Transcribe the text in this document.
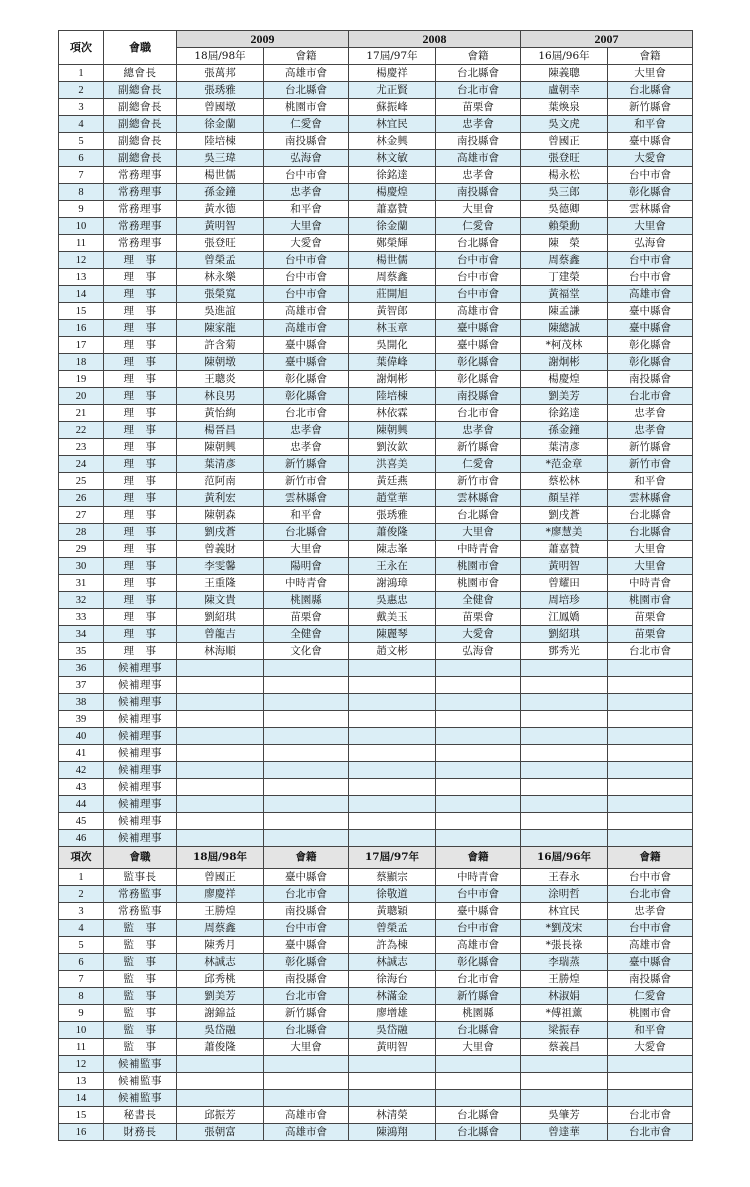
項次	會職	2009		2008		2007	
		18屆/98年	會籍	17屆/97年	會籍	16屆/96年	會籍
1	總會長	張萬邦	高雄市會	楊慶祥	台北縣會	陳義聰	大里會
2	副總會長	張琇雅	台北縣會	尤正賢	台北市會	盧朝幸	台北縣會
3	副總會長	曾國墩	桃園市會	蘇振峰	苗栗會	葉煥泉	新竹縣會
4	副總會長	徐金蘭	仁愛會	林宜民	忠孝會	吳文虎	和平會
5	副總會長	陸培棟	南投縣會	林金興	南投縣會	曾國正	臺中縣會
6	副總會長	吳三瑋	弘海會	林文敏	高雄市會	張登旺	大愛會
7	常務理事	楊世儒	台中市會	徐銘達	忠孝會	楊永松	台中市會
8	常務理事	孫金鐘	忠孝會	楊慶煌	南投縣會	吳三郎	彰化縣會
9	常務理事	黃水德	和平會	蕭嘉贊	大里會	吳德卿	雲林縣會
10	常務理事	黃明智	大里會	徐金蘭	仁愛會	賴榮勳	大里會
11	常務理事	張登旺	大愛會	鄭榮輝	台北縣會	陳　榮	弘海會
12	理　事	曾榮孟	台中市會	楊世儒	台中市會	周蔡鑫	台中市會
13	理　事	林永樂	台中市會	周蔡鑫	台中市會	丁建榮	台中市會
14	理　事	張榮寬	台中市會	莊開旭	台中市會	黃福堂	高雄市會
15	理　事	吳進誼	高雄市會	黃智郎	高雄市會	陳孟謙	臺中縣會
16	理　事	陳家龍	高雄市會	林玉章	臺中縣會	陳總誠	臺中縣會
17	理　事	許含菊	臺中縣會	吳開化	臺中縣會	*柯茂林	彰化縣會
18	理　事	陳朝墩	臺中縣會	葉偉峰	彰化縣會	謝炯彬	彰化縣會
19	理　事	王聰炎	彰化縣會	謝炯彬	彰化縣會	楊慶煌	南投縣會
20	理　事	林良男	彰化縣會	陸培棟	南投縣會	劉美芳	台北市會
21	理　事	黃怡絢	台北市會	林依霖	台北市會	徐銘達	忠孝會
22	理　事	楊晉昌	忠孝會	陳朝興	忠孝會	孫金鐘	忠孝會
23	理　事	陳朝興	忠孝會	劉汝欽	新竹縣會	葉清彥	新竹縣會
24	理　事	葉清彥	新竹縣會	洪喜美	仁愛會	*范金章	新竹市會
25	理　事	范阿南	新竹市會	黃廷燕	新竹市會	蔡松林	和平會
26	理　事	黃利宏	雲林縣會	趙堂華	雲林縣會	顏呈祥	雲林縣會
27	理　事	陳朝森	和平會	張琇雅	台北縣會	劉戌蒼	台北縣會
28	理　事	劉戌蒼	台北縣會	蕭俊隆	大里會	*廖慧美	台北縣會
29	理　事	曾義財	大里會	陳志峯	中時青會	蕭嘉贊	大里會
30	理　事	李雯馨	陽明會	王永在	桃園市會	黃明智	大里會
31	理　事	王重隆	中時青會	謝鴻璋	桃園市會	曾耀田	中時青會
32	理　事	陳文貴	桃園縣	吳惠忠	全健會	周培珍	桃園市會
33	理　事	劉紹琪	苗栗會	戴美玉	苗栗會	江鳳嬌	苗栗會
34	理　事	曾龍吉	全健會	陳麗琴	大愛會	劉紹琪	苗栗會
35	理　事	林海順	文化會	趙文彬	弘海會	鄧秀光	台北市會
36	候補理事						
37	候補理事						
38	候補理事						
39	候補理事						
40	候補理事						
41	候補理事						
42	候補理事						
43	候補理事						
44	候補理事						
45	候補理事						
46	候補理事						
項次	會職	18屆/98年	會籍	17屆/97年	會籍	16屆/96年	會籍
1	監事長	曾國正	臺中縣會	蔡顯宗	中時青會	王春永	台中市會
2	常務監事	廖慶祥	台北市會	徐敬道	台中市會	涂明哲	台北市會
3	常務監事	王勝煌	南投縣會	黃聰穎	臺中縣會	林宜民	忠孝會
4	監　事	周蔡鑫	台中市會	曾榮孟	台中市會	*劉茂宋	台中市會
5	監　事	陳秀月	臺中縣會	許為棟	高雄市會	*張長祿	高雄市會
6	監　事	林誠志	彰化縣會	林誠志	彰化縣會	李瑞蒸	臺中縣會
7	監　事	邱秀桃	南投縣會	徐海台	台北市會	王勝煌	南投縣會
8	監　事	劉美芳	台北市會	林滿金	新竹縣會	林淑娟	仁愛會
9	監　事	謝錦益	新竹縣會	廖增雄	桃園縣	*傅祖薰	桃園市會
10	監　事	吳岱融	台北縣會	吳岱融	台北縣會	梁振春	和平會
11	監　事	蕭俊隆	大里會	黃明智	大里會	蔡義昌	大愛會
12	候補監事						
13	候補監事						
14	候補監事						
15	秘書長	邱振芳	高雄市會	林清榮	台北縣會	吳肇芳	台北市會
16	財務長	張朝富	高雄市會	陳鴻翔	台北縣會	曾達華	台北市會
